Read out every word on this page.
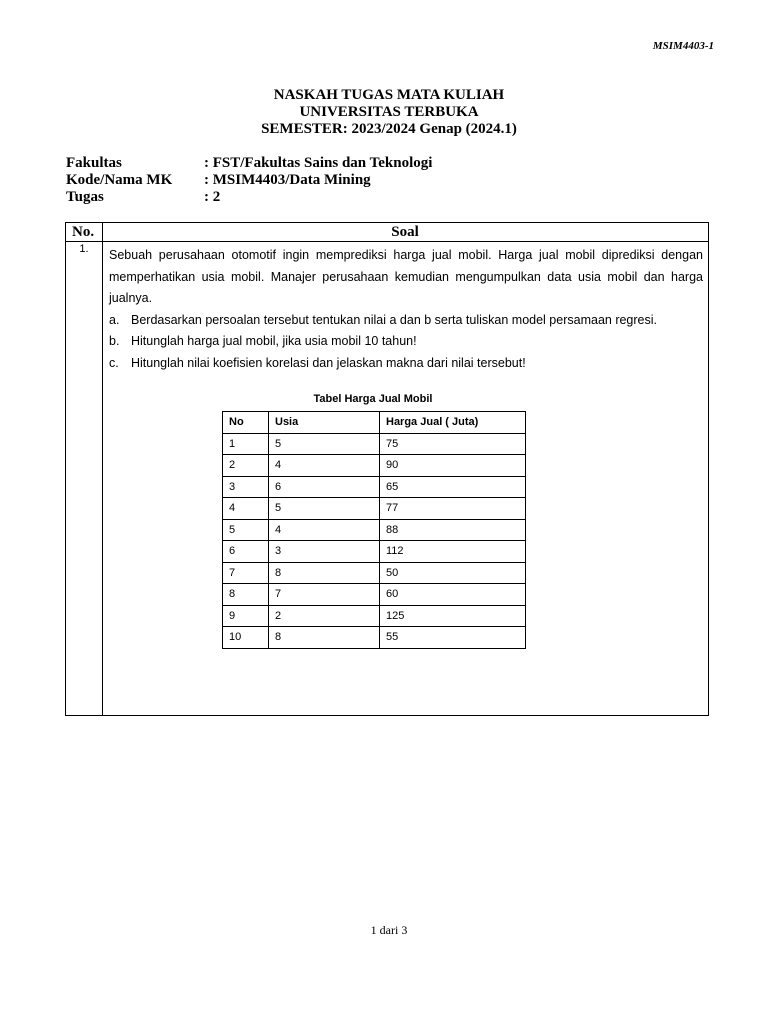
MSIM4403-1
NASKAH TUGAS MATA KULIAH
UNIVERSITAS TERBUKA
SEMESTER: 2023/2024 Genap (2024.1)
Fakultas	: FST/Fakultas Sains dan Teknologi
Kode/Nama MK	: MSIM4403/Data Mining
Tugas	: 2
No.	Soal
1.	Sebuah perusahaan otomotif ingin memprediksi harga jual mobil. Harga jual mobil diprediksi dengan memperhatikan usia mobil. Manajer perusahaan kemudian mengumpulkan data usia mobil dan harga jualnya.

a. Berdasarkan persoalan tersebut tentukan nilai a dan b serta tuliskan model persamaan regresi.

b. Hitunglah harga jual mobil, jika usia mobil 10 tahun!

c. Hitunglah nilai koefisien korelasi dan jelaskan makna dari nilai tersebut!

Tabel Harga Jual Mobil
No	Usia	Harga Jual ( Juta)
1	5	75
2	4	90
3	6	65
4	5	77
5	4	88
6	3	112
7	8	50
8	7	60
9	2	125
10	8	55
1 dari 3
